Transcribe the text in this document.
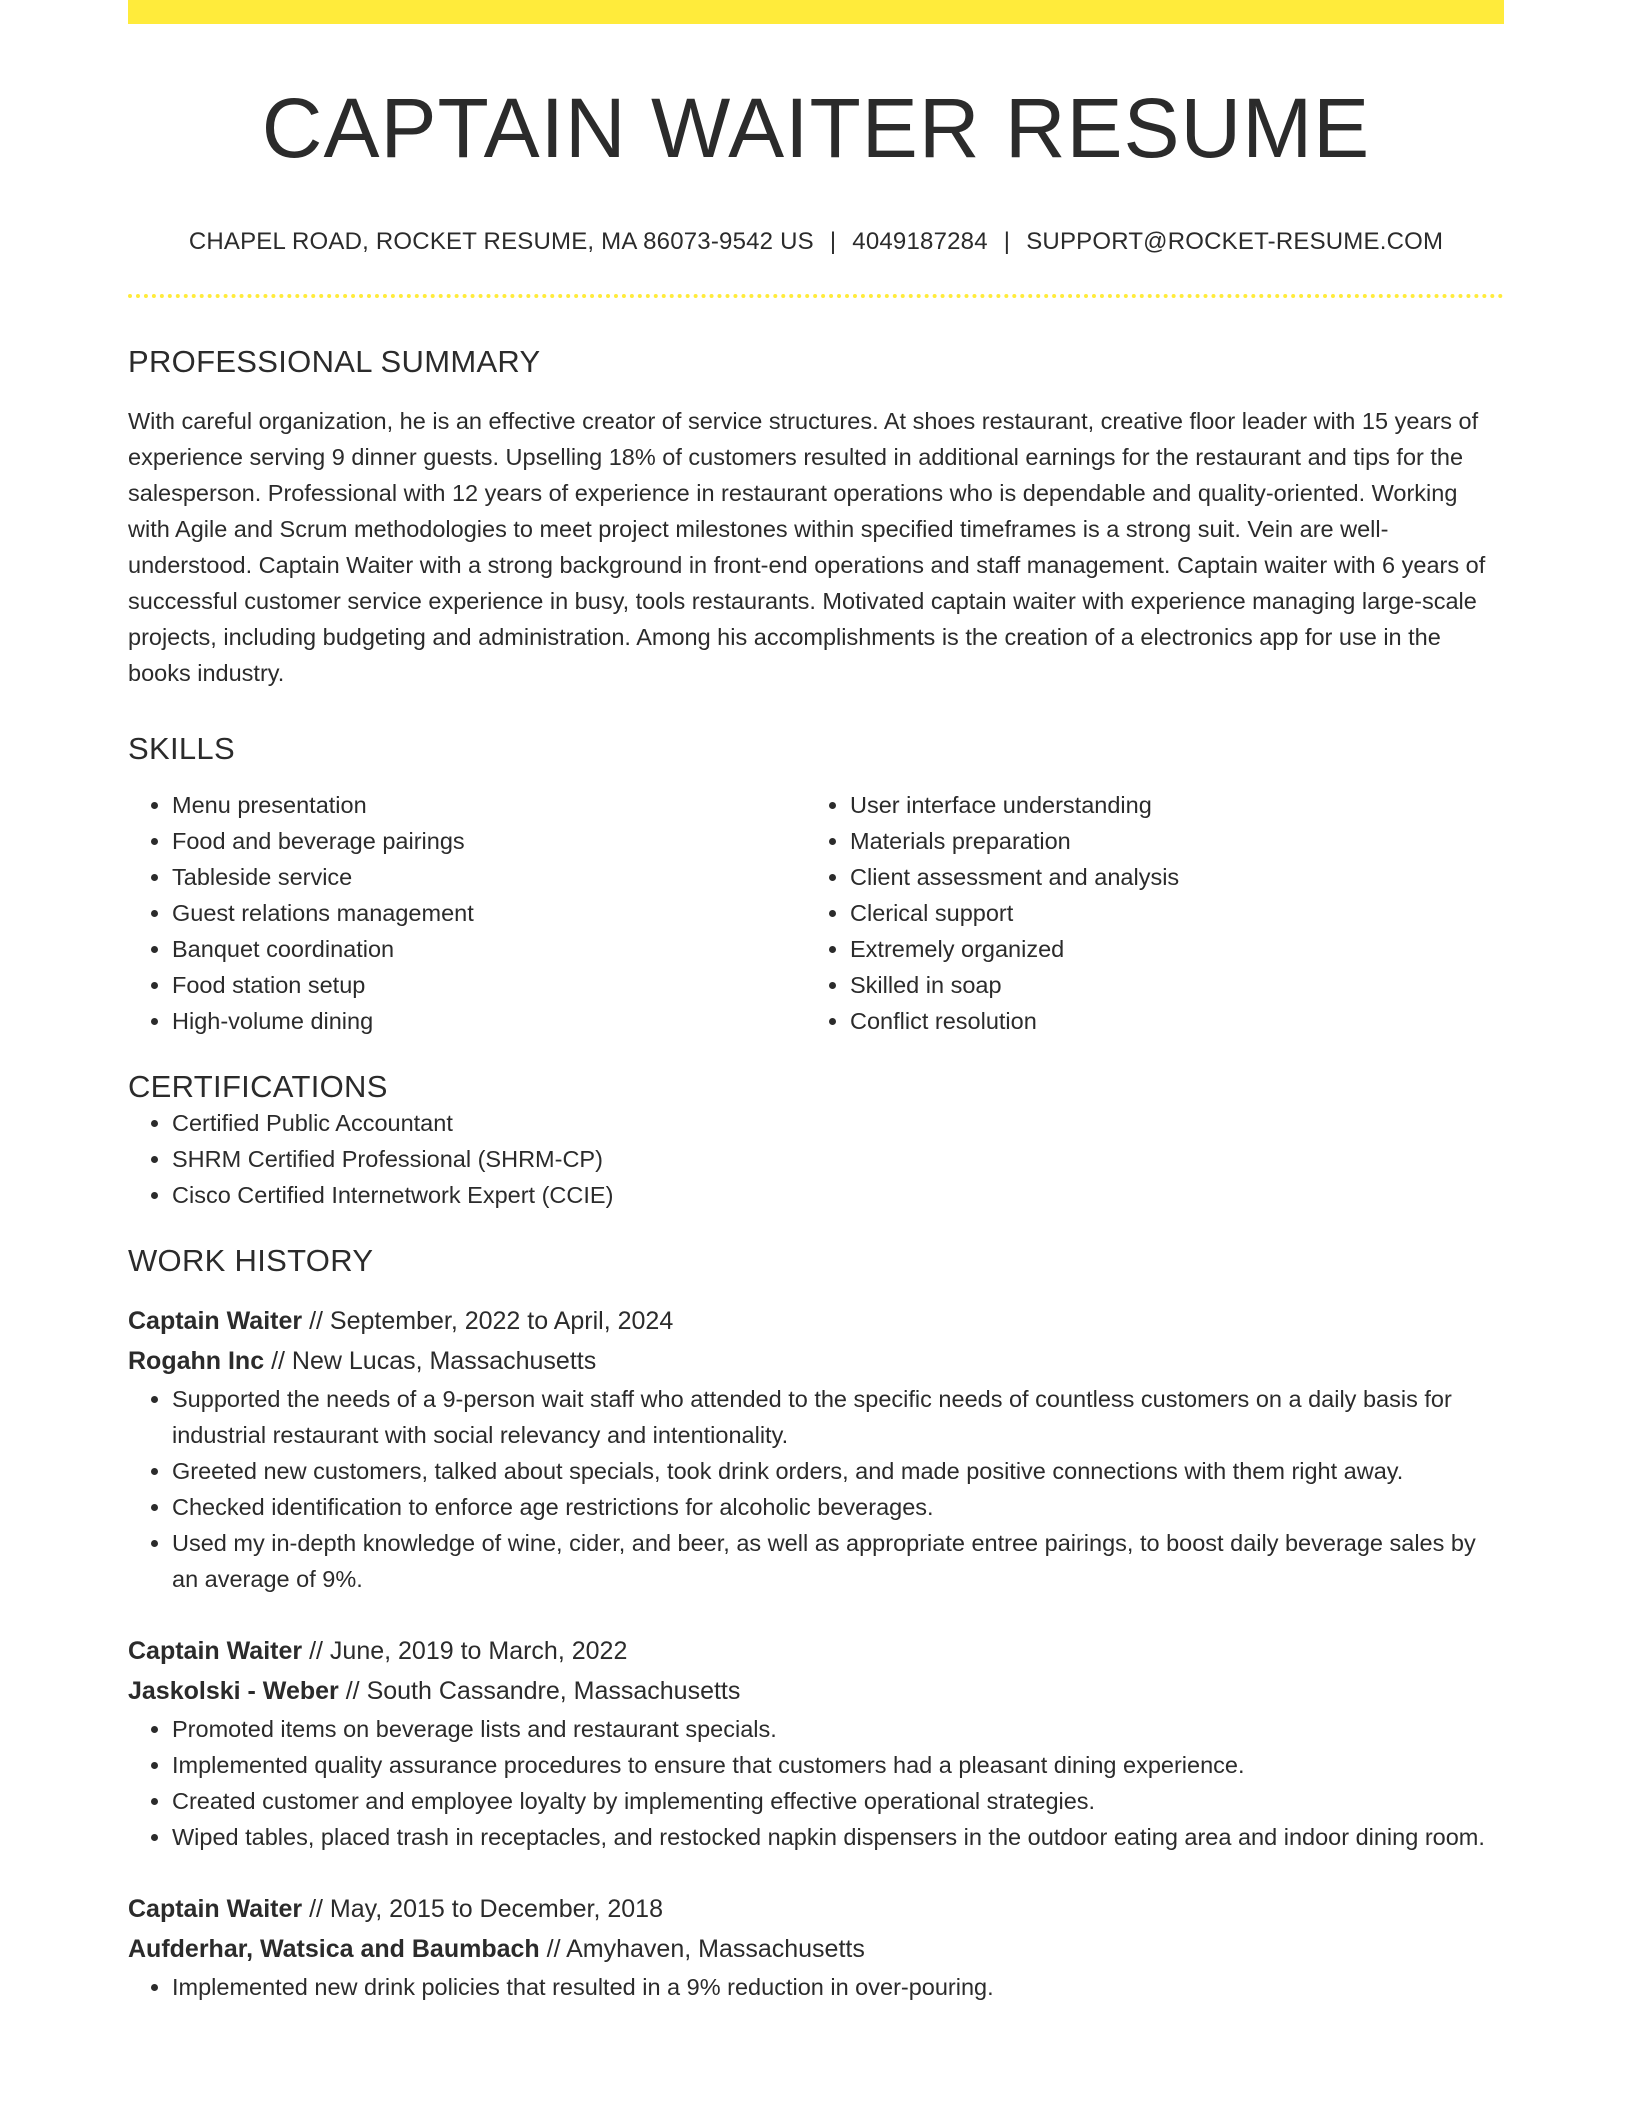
CAPTAIN WAITER RESUME
CHAPEL ROAD, ROCKET RESUME, MA 86073-9542 US | 4049187284 | SUPPORT@ROCKET-RESUME.COM
PROFESSIONAL SUMMARY
With careful organization, he is an effective creator of service structures. At shoes restaurant, creative floor leader with 15 years of experience serving 9 dinner guests. Upselling 18% of customers resulted in additional earnings for the restaurant and tips for the salesperson. Professional with 12 years of experience in restaurant operations who is dependable and quality-oriented. Working with Agile and Scrum methodologies to meet project milestones within specified timeframes is a strong suit. Vein are well-understood. Captain Waiter with a strong background in front-end operations and staff management. Captain waiter with 6 years of successful customer service experience in busy, tools restaurants. Motivated captain waiter with experience managing large-scale projects, including budgeting and administration. Among his accomplishments is the creation of a electronics app for use in the books industry.
SKILLS
• Menu presentation
• Food and beverage pairings
• Tableside service
• Guest relations management
• Banquet coordination
• Food station setup
• High-volume dining
• User interface understanding
• Materials preparation
• Client assessment and analysis
• Clerical support
• Extremely organized
• Skilled in soap
• Conflict resolution
CERTIFICATIONS
• Certified Public Accountant
• SHRM Certified Professional (SHRM-CP)
• Cisco Certified Internetwork Expert (CCIE)
WORK HISTORY
Captain Waiter // September, 2022 to April, 2024
Rogahn Inc // New Lucas, Massachusetts
• Supported the needs of a 9-person wait staff who attended to the specific needs of countless customers on a daily basis for industrial restaurant with social relevancy and intentionality.
• Greeted new customers, talked about specials, took drink orders, and made positive connections with them right away.
• Checked identification to enforce age restrictions for alcoholic beverages.
• Used my in-depth knowledge of wine, cider, and beer, as well as appropriate entree pairings, to boost daily beverage sales by an average of 9%.
Captain Waiter // June, 2019 to March, 2022
Jaskolski - Weber // South Cassandre, Massachusetts
• Promoted items on beverage lists and restaurant specials.
• Implemented quality assurance procedures to ensure that customers had a pleasant dining experience.
• Created customer and employee loyalty by implementing effective operational strategies.
• Wiped tables, placed trash in receptacles, and restocked napkin dispensers in the outdoor eating area and indoor dining room.
Captain Waiter // May, 2015 to December, 2018
Aufderhar, Watsica and Baumbach // Amyhaven, Massachusetts
• Implemented new drink policies that resulted in a 9% reduction in over-pouring.
